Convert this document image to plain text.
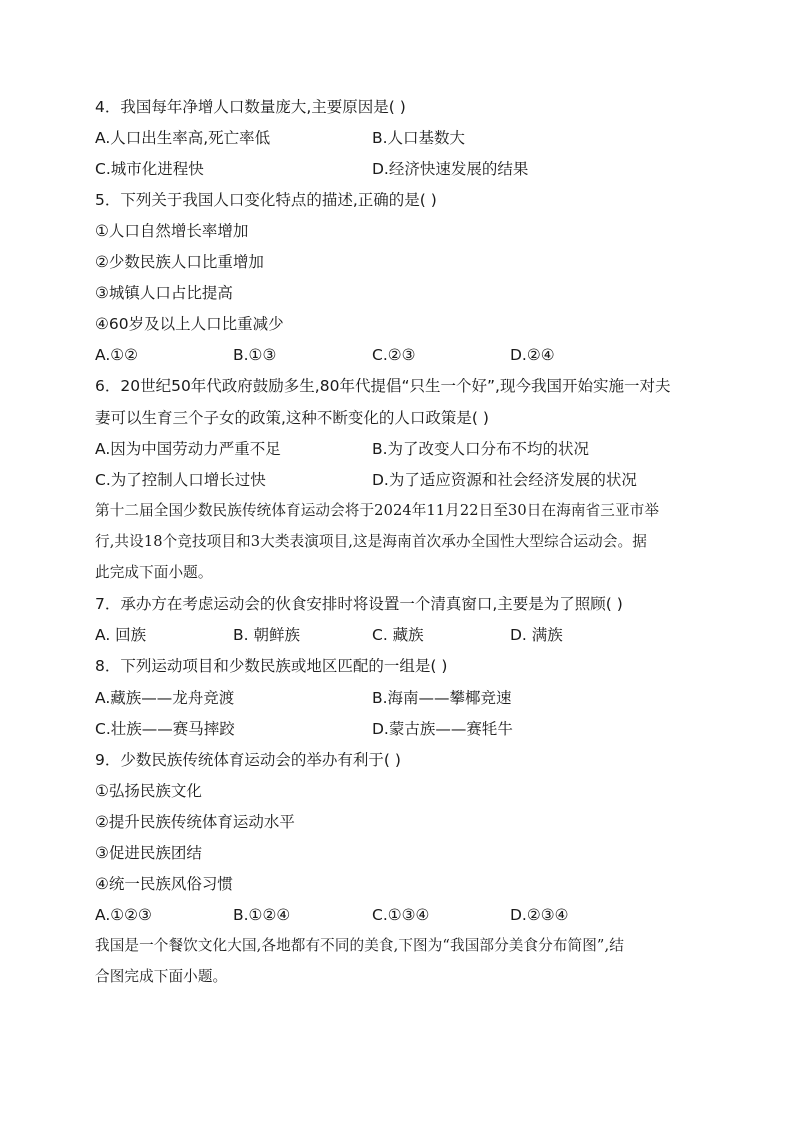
4．我国每年净增人口数量庞大,主要原因是( )
A.人口出生率高,死亡率低	B.人口基数大
C.城市化进程快	D.经济快速发展的结果
5．下列关于我国人口变化特点的描述,正确的是( )
①人口自然增长率增加
②少数民族人口比重增加
③城镇人口占比提高
④60岁及以上人口比重减少
A.①②	B.①③	C.②③	D.②④
6．20世纪50年代政府鼓励多生,80年代提倡“只生一个好”,现今我国开始实施一对夫
妻可以生育三个子女的政策,这种不断变化的人口政策是( )
A.因为中国劳动力严重不足	B.为了改变人口分布不均的状况
C.为了控制人口增长过快	D.为了适应资源和社会经济发展的状况
第十二届全国少数民族传统体育运动会将于2024年11月22日至30日在海南省三亚市举
行,共设18个竞技项目和3大类表演项目,这是海南首次承办全国性大型综合运动会。据
此完成下面小题。
7．承办方在考虑运动会的伙食安排时将设置一个清真窗口,主要是为了照顾( )
A. 回族	B. 朝鲜族	C. 藏族	D. 满族
8．下列运动项目和少数民族或地区匹配的一组是( )
A.藏族——龙舟竞渡	B.海南——攀椰竞速
C.壮族——赛马摔跤	D.蒙古族——赛牦牛
9．少数民族传统体育运动会的举办有利于( )
①弘扬民族文化
②提升民族传统体育运动水平
③促进民族团结
④统一民族风俗习惯
A.①②③	B.①②④	C.①③④	D.②③④
我国是一个餐饮文化大国,各地都有不同的美食,下图为“我国部分美食分布简图”,结
合图完成下面小题。
